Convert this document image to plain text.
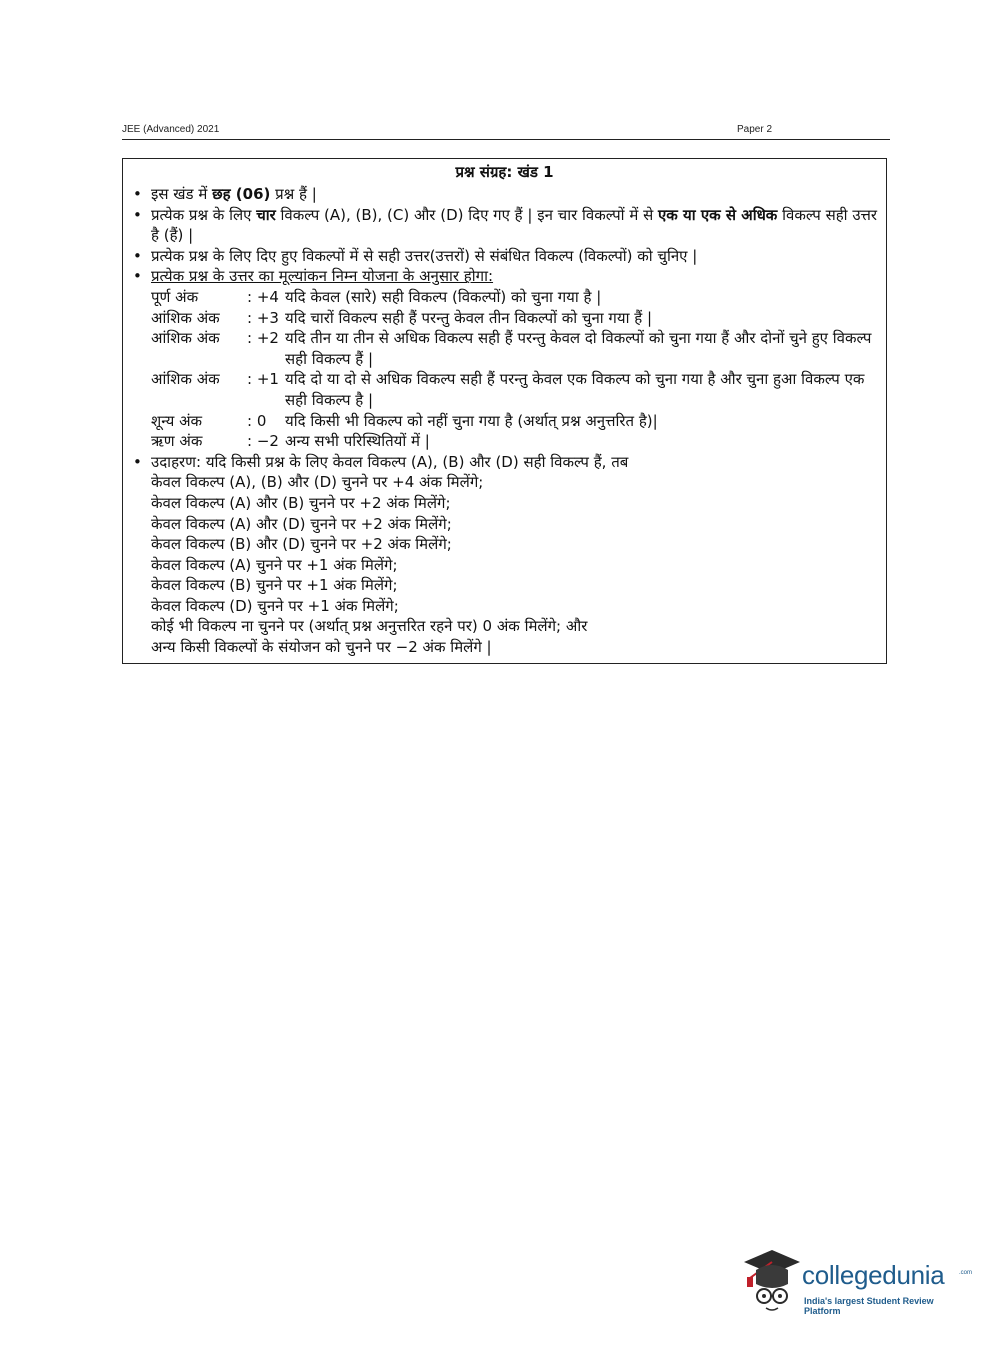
JEE (Advanced) 2021	Paper 2
प्रश्न संग्रह: खंड 1
• इस खंड में छह (06) प्रश्न हैं |
• प्रत्येक प्रश्न के लिए चार विकल्प (A), (B), (C) और (D) दिए गए हैं | इन चार विकल्पों में से एक या एक से अधिक विकल्प सही उत्तर है (हैं) |
• प्रत्येक प्रश्न के लिए दिए हुए विकल्पों में से सही उत्तर(उत्तरों) से संबंधित विकल्प (विकल्पों) को चुनिए |
• प्रत्येक प्रश्न के उत्तर का मूल्यांकन निम्न योजना के अनुसार होगा:
पूर्ण अंक	: +4 यदि केवल (सारे) सही विकल्प (विकल्पों) को चुना गया है |
आंशिक अंक	: +3 यदि चारों विकल्प सही हैं परन्तु केवल तीन विकल्पों को चुना गया हैं |
आंशिक अंक	: +2 यदि तीन या तीन से अधिक विकल्प सही हैं परन्तु केवल दो विकल्पों को चुना गया हैं और दोनों चुने हुए विकल्प सही विकल्प हैं |
आंशिक अंक	: +1 यदि दो या दो से अधिक विकल्प सही हैं परन्तु केवल एक विकल्प को चुना गया है और चुना हुआ विकल्प एक सही विकल्प है |
शून्य अंक	: 0	यदि किसी भी विकल्प को नहीं चुना गया है (अर्थात् प्रश्न अनुत्तरित है)|
ऋण अंक	: −2 अन्य सभी परिस्थितियों में |
• उदाहरण: यदि किसी प्रश्न के लिए केवल विकल्प (A), (B) और (D) सही विकल्प हैं, तब
केवल विकल्प (A), (B) और (D) चुनने पर +4 अंक मिलेंगे;
केवल विकल्प (A) और (B) चुनने पर +2 अंक मिलेंगे;
केवल विकल्प (A) और (D) चुनने पर +2 अंक मिलेंगे;
केवल विकल्प (B) और (D) चुनने पर +2 अंक मिलेंगे;
केवल विकल्प (A) चुनने पर +1 अंक मिलेंगे;
केवल विकल्प (B) चुनने पर +1 अंक मिलेंगे;
केवल विकल्प (D) चुनने पर +1 अंक मिलेंगे;
कोई भी विकल्प ना चुनने पर (अर्थात् प्रश्न अनुत्तरित रहने पर) 0 अंक मिलेंगे; और
अन्य किसी विकल्पों के संयोजन को चुनने पर −2 अंक मिलेंगे |
collegedunia .com
India's largest Student Review Platform
